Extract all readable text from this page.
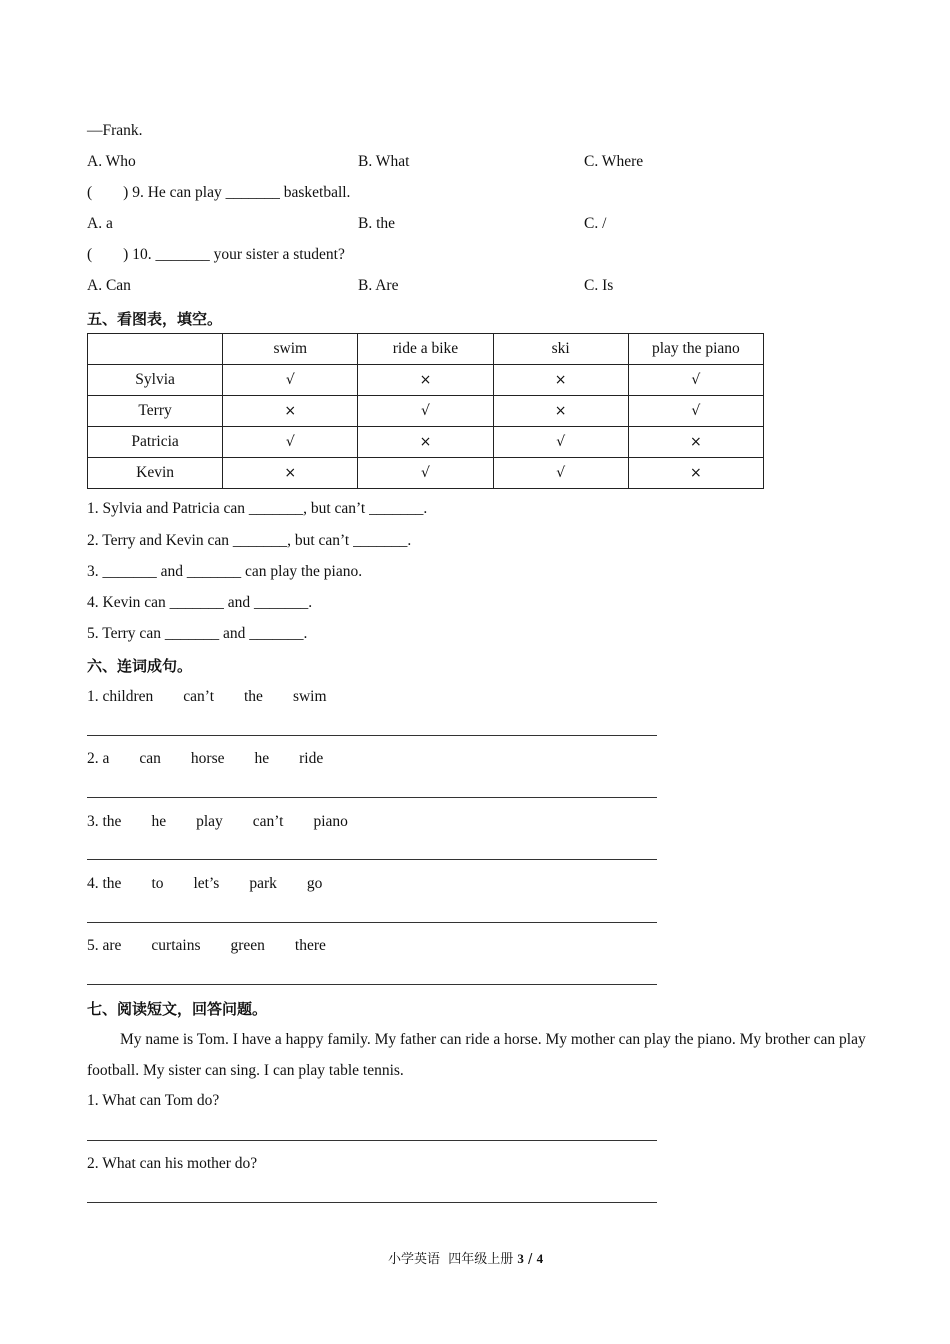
—Frank.
A. Who	B. What	C. Where
(        ) 9. He can play _______ basketball.
A. a	B. the	C. /
(        ) 10. _______ your sister a student?
A. Can	B. Are	C. Is
五、看图表，填空。
	swim	ride a bike	ski	play the piano
Sylvia	√	×	×	√
Terry	×	√	×	√
Patricia	√	×	√	×
Kevin	×	√	√	×
1. Sylvia and Patricia can _______, but can’t _______.
2. Terry and Kevin can _______, but can’t _______.
3. _______ and _______ can play the piano.
4. Kevin can _______ and _______.
5. Terry can _______ and _______.
六、连词成句。
1. children can’t the swim
2. a can horse he ride
3. the he play can’t piano
4. the to let’s park go
5. are curtains green there
七、阅读短文，回答问题。
My name is Tom. I have a happy family. My father can ride a horse. My mother can play the piano. My brother can play football. My sister can sing. I can play table tennis.
1. What can Tom do?
2. What can his mother do?
小学英语  四年级上册 3 / 4
